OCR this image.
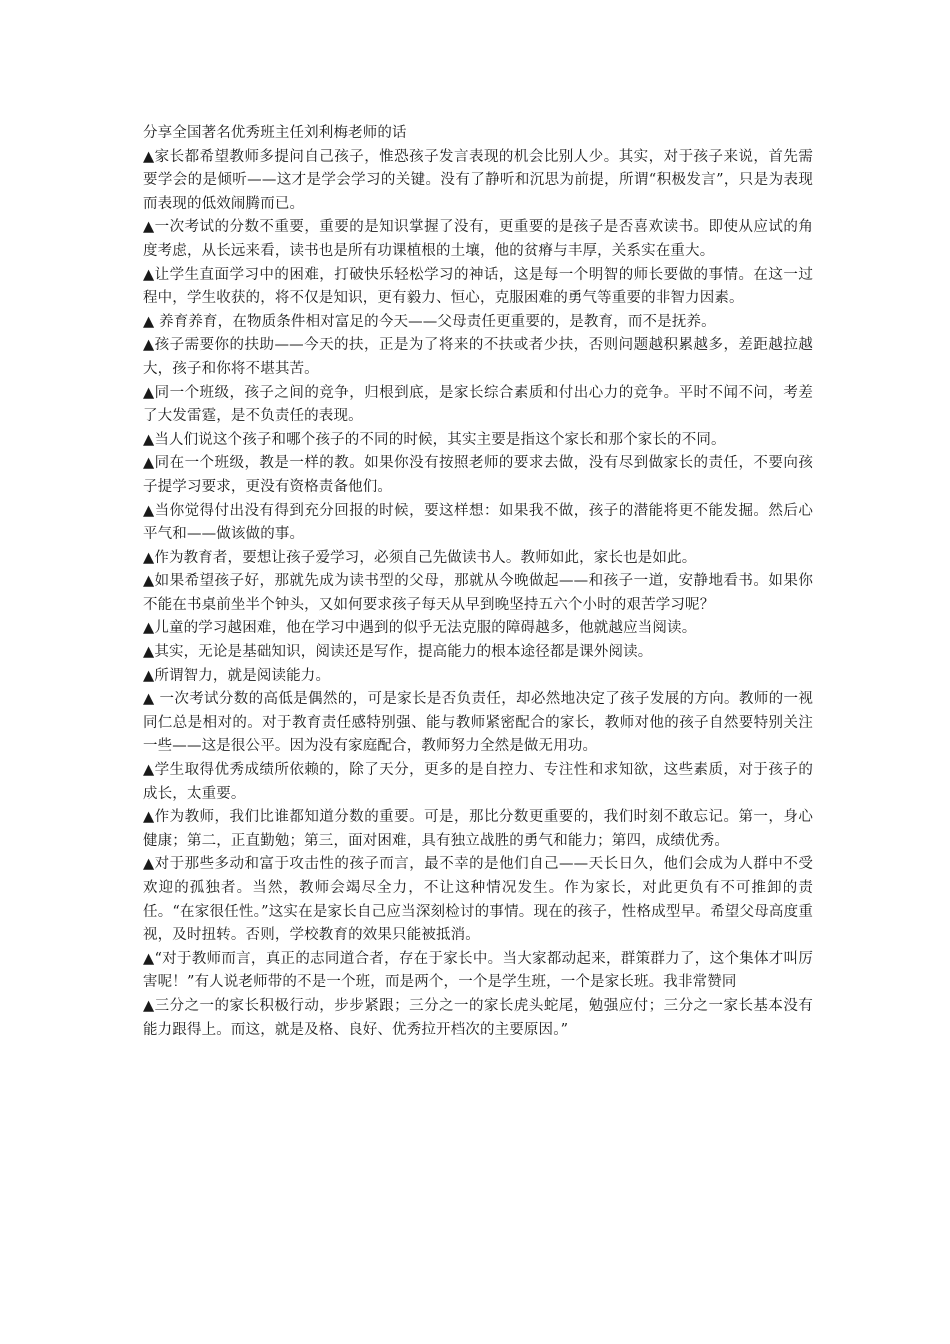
分享全国著名优秀班主任刘利梅老师的话

▲家长都希望教师多提问自己孩子，惟恐孩子发言表现的机会比别人少。其实，对于孩子来说，首先需要学会的是倾听——这才是学会学习的关键。没有了静听和沉思为前提，所谓“积极发言”，只是为表现而表现的低效闹腾而已。

▲一次考试的分数不重要，重要的是知识掌握了没有，更重要的是孩子是否喜欢读书。即使从应试的角度考虑，从长远来看，读书也是所有功课植根的土壤，他的贫瘠与丰厚，关系实在重大。

▲让学生直面学习中的困难，打破快乐轻松学习的神话，这是每一个明智的师长要做的事情。在这一过程中，学生收获的，将不仅是知识，更有毅力、恒心，克服困难的勇气等重要的非智力因素。

▲ 养育养育，在物质条件相对富足的今天——父母责任更重要的，是教育，而不是抚养。

▲孩子需要你的扶助——今天的扶，正是为了将来的不扶或者少扶，否则问题越积累越多，差距越拉越大，孩子和你将不堪其苦。

▲同一个班级，孩子之间的竞争，归根到底，是家长综合素质和付出心力的竞争。平时不闻不问，考差了大发雷霆，是不负责任的表现。

▲当人们说这个孩子和哪个孩子的不同的时候，其实主要是指这个家长和那个家长的不同。

▲同在一个班级，教是一样的教。如果你没有按照老师的要求去做，没有尽到做家长的责任，不要向孩子提学习要求，更没有资格责备他们。

▲当你觉得付出没有得到充分回报的时候，要这样想：如果我不做，孩子的潜能将更不能发掘。然后心平气和——做该做的事。

▲作为教育者，要想让孩子爱学习，必须自己先做读书人。教师如此，家长也是如此。

▲如果希望孩子好，那就先成为读书型的父母，那就从今晚做起——和孩子一道，安静地看书。如果你不能在书桌前坐半个钟头，又如何要求孩子每天从早到晚坚持五六个小时的艰苦学习呢？

▲儿童的学习越困难，他在学习中遇到的似乎无法克服的障碍越多，他就越应当阅读。

▲其实，无论是基础知识，阅读还是写作，提高能力的根本途径都是课外阅读。

▲所谓智力，就是阅读能力。

▲ 一次考试分数的高低是偶然的，可是家长是否负责任，却必然地决定了孩子发展的方向。教师的一视同仁总是相对的。对于教育责任感特别强、能与教师紧密配合的家长，教师对他的孩子自然要特别关注一些——这是很公平。因为没有家庭配合，教师努力全然是做无用功。

▲学生取得优秀成绩所依赖的，除了天分，更多的是自控力、专注性和求知欲，这些素质，对于孩子的成长，太重要。

▲作为教师，我们比谁都知道分数的重要。可是，那比分数更重要的，我们时刻不敢忘记。第一，身心健康；第二，正直勤勉；第三，面对困难，具有独立战胜的勇气和能力；第四，成绩优秀。

▲对于那些多动和富于攻击性的孩子而言，最不幸的是他们自己——天长日久，他们会成为人群中不受欢迎的孤独者。当然，教师会竭尽全力，不让这种情况发生。作为家长，对此更负有不可推卸的责任。“在家很任性。”这实在是家长自己应当深刻检讨的事情。现在的孩子，性格成型早。希望父母高度重视，及时扭转。否则，学校教育的效果只能被抵消。

▲“对于教师而言，真正的志同道合者，存在于家长中。当大家都动起来，群策群力了，这个集体才叫厉害呢！”有人说老师带的不是一个班，而是两个，一个是学生班，一个是家长班。我非常赞同

▲三分之一的家长积极行动，步步紧跟；三分之一的家长虎头蛇尾，勉强应付；三分之一家长基本没有能力跟得上。而这，就是及格、良好、优秀拉开档次的主要原因。”
